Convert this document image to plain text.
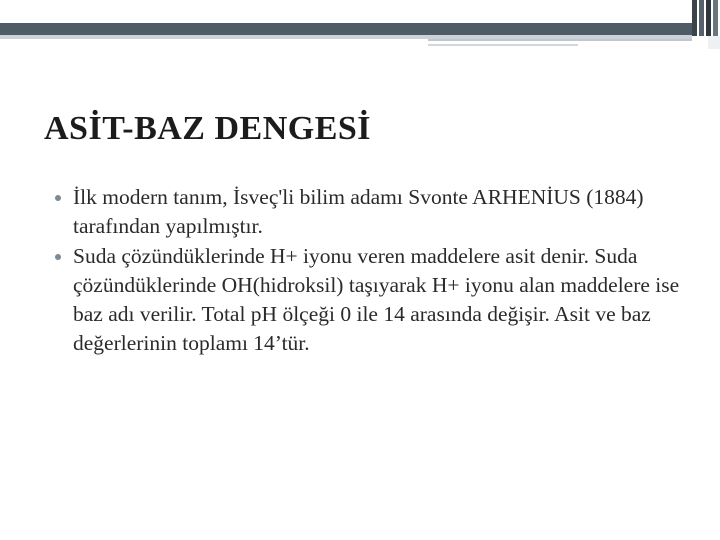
ASİT-BAZ DENGESİ
İlk modern tanım, İsveç'li bilim adamı Svonte ARHENİUS (1884) tarafından yapılmıştır.
Suda çözündüklerinde H+ iyonu veren maddelere asit denir. Suda çözündüklerinde OH(hidroksil) taşıyarak H+ iyonu alan maddelere ise baz adı verilir. Total pH ölçeği 0 ile 14 arasında değişir. Asit ve baz değerlerinin toplamı 14’tür.
